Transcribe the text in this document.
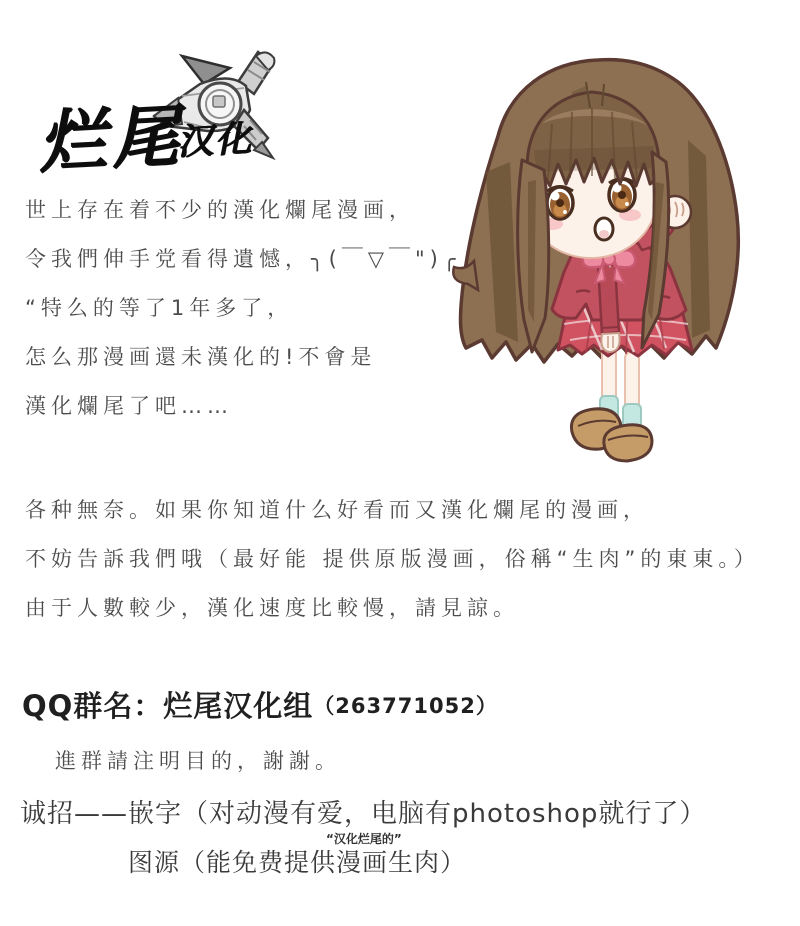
烂尾汉化
世上存在着不少的漢化爛尾漫画，
令我們伸手党看得遺憾，╮(￣▽￣")╭
“特么的等了1年多了，
怎么那漫画還未漢化的!不會是
漢化爛尾了吧……
各种無奈。如果你知道什么好看而又漢化爛尾的漫画，
不妨告訴我們哦（最好能 提供原版漫画，俗稱“生肉”的東東。）
由于人數較少，漢化速度比較慢，請見諒。
QQ群名：烂尾汉化组（263771052）
進群請注明目的，謝謝。
诚招——嵌字（对动漫有爱，电脑有photoshop就行了）
图源（能免费提供
“汉化烂尾的”
漫画生肉）
